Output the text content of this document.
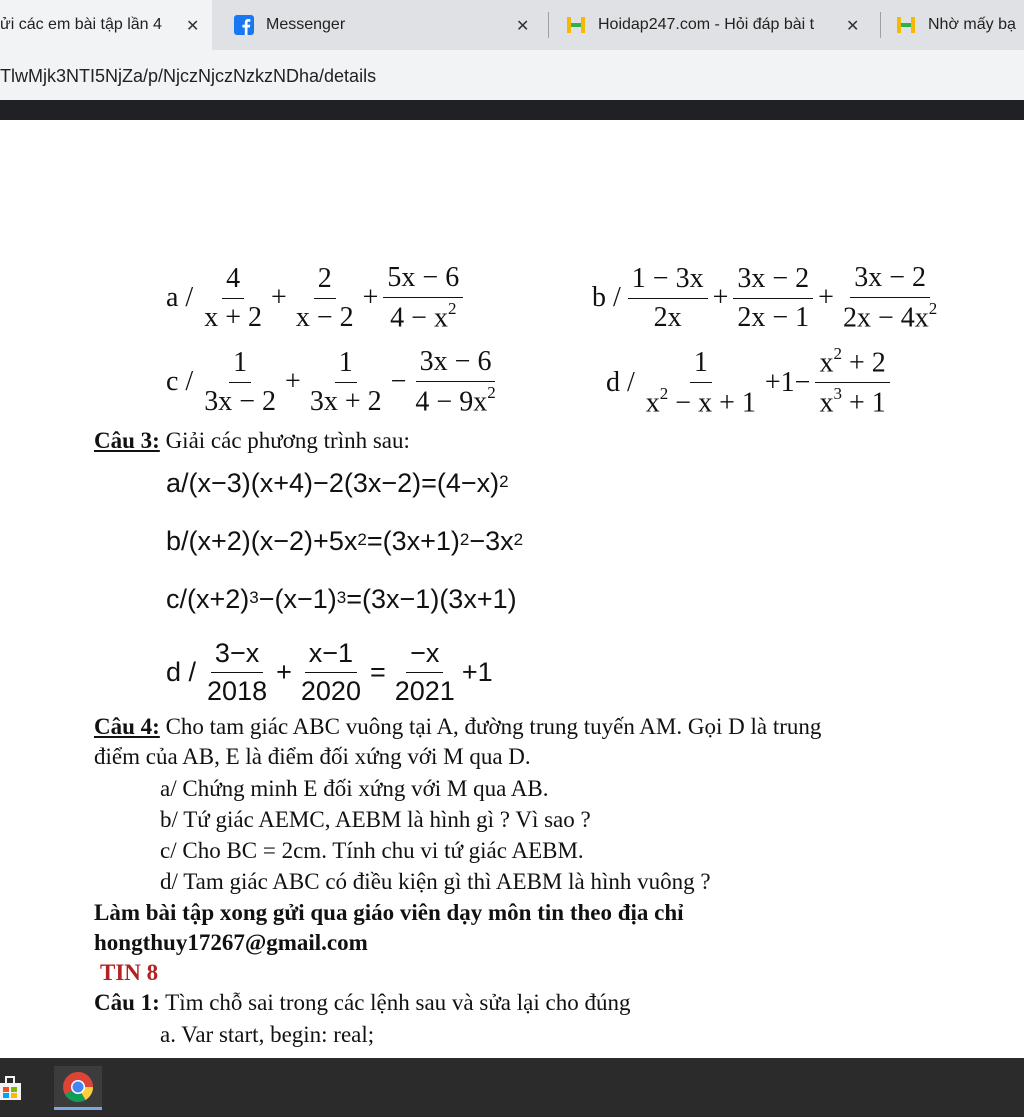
ửi các em bài tập lần 4 ✕	Messenger	✕	Hoidap247.com - Hỏi đáp bài t ✕	Nhờ mấy bạ
TlwMjk3NTI5NjZa/p/NjczNjczNzkzNDha/details
$a / \frac{4}{x + 2} + \frac{2}{x - 2} + \frac{5x - 6}{4 - x^2}$	$b / \frac{1 - 3x}{2x} + \frac{3x - 2}{2x - 1} + \frac{3x - 2}{2x - 4x^2}$
$c / \frac{1}{3x - 2} + \frac{1}{3x + 2} - \frac{3x - 6}{4 - 9x^2}$	$d / \frac{1}{x^2 - x + 1} +1- \frac{x^2 + 2}{x^3 + 1}$
Câu 3: Giải các phương trình sau:
a/(x−3)(x+4)−2(3x−2)=(4−x) 2
b/(x+2)(x−2)+5x 2 =(3x+1) 2 −3x 2
c/(x+2) 3 −(x−1) 3 =(3x−1)(3x+1)
$d / \frac{3-x}{2018} + \frac{x-1}{2020} = \frac{-x}{2021} +1$
Câu 4: Cho tam giác ABC vuông tại A, đường trung tuyến AM. Gọi D là trung
điểm của AB, E là điểm đối xứng với M qua D.
a/ Chứng minh E đối xứng với M qua AB.
b/ Tứ giác AEMC, AEBM là hình gì ? Vì sao ?
c/ Cho BC = 2cm. Tính chu vi tứ giác AEBM.
d/ Tam giác ABC có điều kiện gì thì AEBM là hình vuông ?
Làm bài tập xong gửi qua giáo viên dạy môn tin theo địa chỉ
hongthuy17267@gmail.com
TIN 8
Câu 1: Tìm chỗ sai trong các lệnh sau và sửa lại cho đúng
a. Var start, begin: real;
